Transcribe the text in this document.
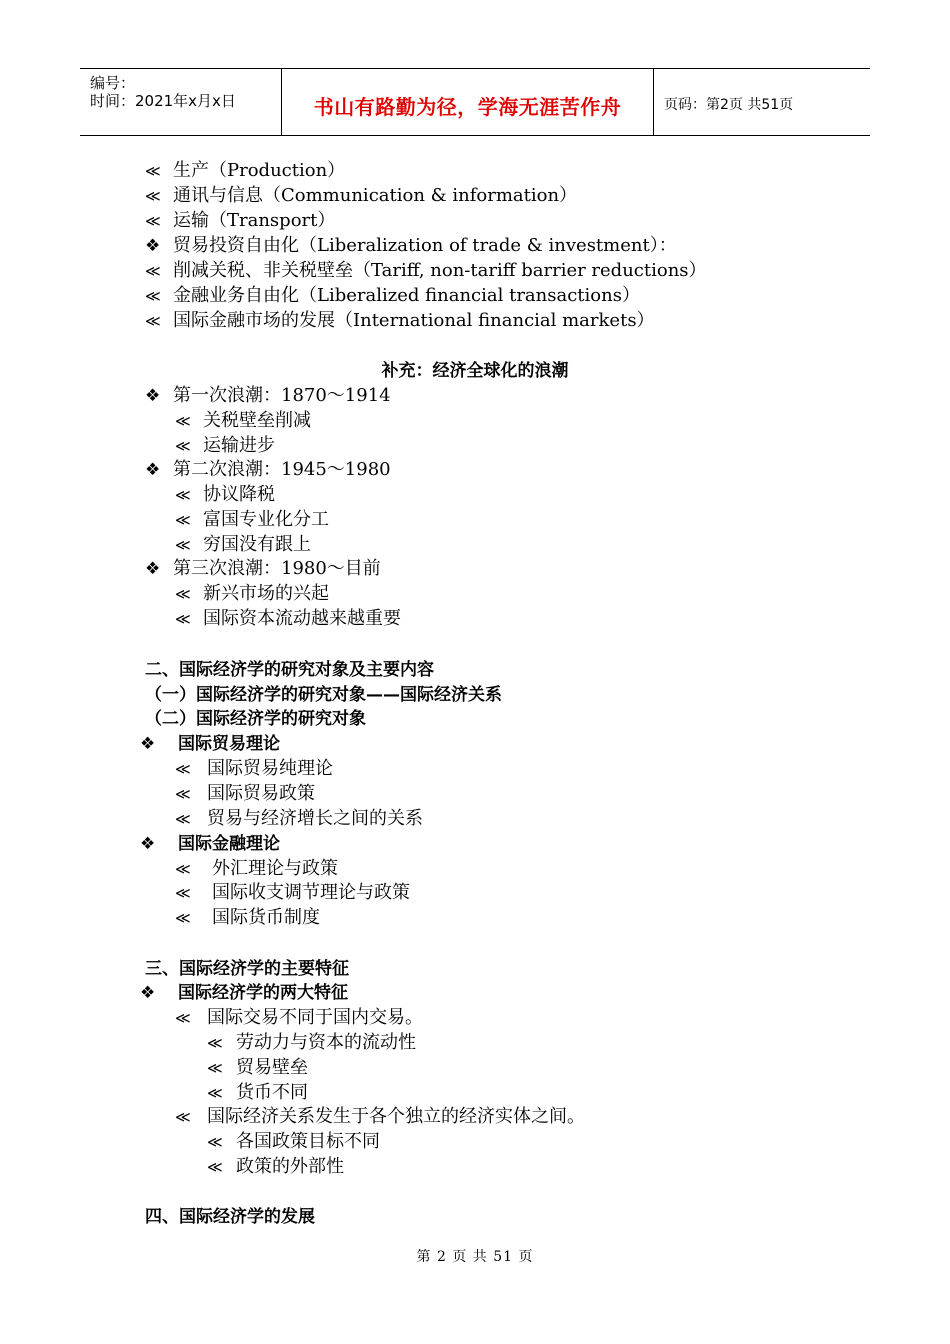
编号：
时间：2021年x月x日	书山有路勤为径，学海无涯苦作舟	页码：第2页 共51页
≪ 生产（Production）
≪ 通讯与信息（Communication & information）
≪ 运输（Transport）
❖ 贸易投资自由化（Liberalization of trade & investment）：
≪ 削减关税、非关税壁垒（Tariff, non-tariff barrier reductions）
≪ 金融业务自由化（Liberalized financial transactions）
≪ 国际金融市场的发展（International financial markets）
补充：经济全球化的浪潮
❖ 第一次浪潮：1870～1914
≪ 关税壁垒削减
≪ 运输进步
❖ 第二次浪潮：1945～1980
≪ 协议降税
≪ 富国专业化分工
≪ 穷国没有跟上
❖ 第三次浪潮：1980～目前
≪ 新兴市场的兴起
≪ 国际资本流动越来越重要
二、国际经济学的研究对象及主要内容
（一）国际经济学的研究对象——国际经济关系
（二）国际经济学的研究对象
❖ 国际贸易理论
≪ 国际贸易纯理论
≪ 国际贸易政策
≪ 贸易与经济增长之间的关系
❖ 国际金融理论
≪ 外汇理论与政策
≪ 国际收支调节理论与政策
≪ 国际货币制度
三、国际经济学的主要特征
❖ 国际经济学的两大特征
≪ 国际交易不同于国内交易。
≪ 劳动力与资本的流动性
≪ 贸易壁垒
≪ 货币不同
≪ 国际经济关系发生于各个独立的经济实体之间。
≪ 各国政策目标不同
≪ 政策的外部性
四、国际经济学的发展
第 2 页 共 51 页
